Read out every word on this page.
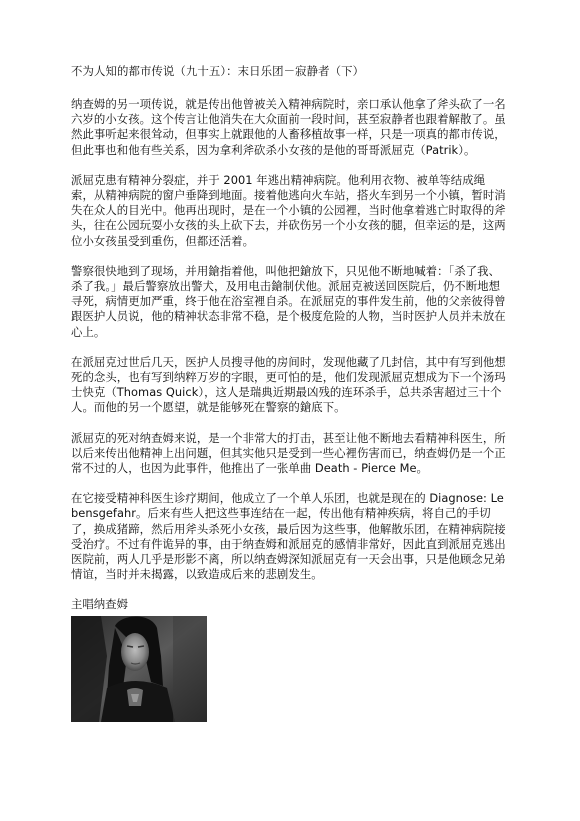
不为人知的都市传说（九十五）：末日乐团－寂静者（下）
纳查姆的另一项传说，就是传出他曾被关入精神病院时，亲口承认他拿了斧头砍了一名六岁的小女孩。这个传言让他消失在大众面前一段时间，甚至寂静者也跟着解散了。虽然此事听起来很耸动，但事实上就跟他的人畜移植故事一样，只是一项真的都市传说，但此事也和他有些关系，因为拿利斧砍杀小女孩的是他的哥哥派屈克（Patrik）。
派屈克患有精神分裂症，并于 2001 年逃出精神病院。他利用衣物、被单等结成绳索，从精神病院的窗户垂降到地面。接着他逃向火车站，搭火车到另一个小镇，暂时消失在众人的目光中。他再出现时，是在一个小镇的公园裡，当时他拿着逃亡时取得的斧头，往在公园玩耍小女孩的头上砍下去，并砍伤另一个小女孩的腿，但幸运的是，这两位小女孩虽受到重伤，但都还活着。
警察很快地到了现场，并用鎗指着他，叫他把鎗放下，只见他不断地喊着：「杀了我、杀了我。」最后警察放出警犬，及用电击鎗制伏他。派屈克被送回医院后，仍不断地想寻死，病情更加严重，终于他在浴室裡自杀。在派屈克的事件发生前，他的父亲彼得曾跟医护人员说，他的精神状态非常不稳，是个极度危险的人物，当时医护人员并未放在心上。
在派屈克过世后几天，医护人员搜寻他的房间时，发现他藏了几封信，其中有写到他想死的念头，也有写到纳粹万岁的字眼，更可怕的是，他们发现派屈克想成为下一个汤玛士快克（Thomas Quick），这人是瑞典近期最凶残的连环杀手，总共杀害超过三十个人。而他的另一个愿望，就是能够死在警察的鎗底下。
派屈克的死对纳查姆来说，是一个非常大的打击，甚至让他不断地去看精神科医生，所以后来传出他精神上出问题，但其实他只是受到一些心裡伤害而已，纳查姆仍是一个正常不过的人，也因为此事件，他推出了一张单曲 Death - Pierce Me。
在它接受精神科医生诊疗期间，他成立了一个单人乐团，也就是现在的 Diagnose: Lebensgefahr。后来有些人把这些事连结在一起，传出他有精神疾病，将自己的手切了，换成猪蹄，然后用斧头杀死小女孩，最后因为这些事，他解散乐团，在精神病院接受治疗。不过有件诡异的事，由于纳查姆和派屈克的感情非常好，因此直到派屈克逃出医院前，两人几乎是形影不离，所以纳查姆深知派屈克有一天会出事，只是他顾念兄弟情谊，当时并未揭露，以致造成后来的悲剧发生。
主唱纳查姆
